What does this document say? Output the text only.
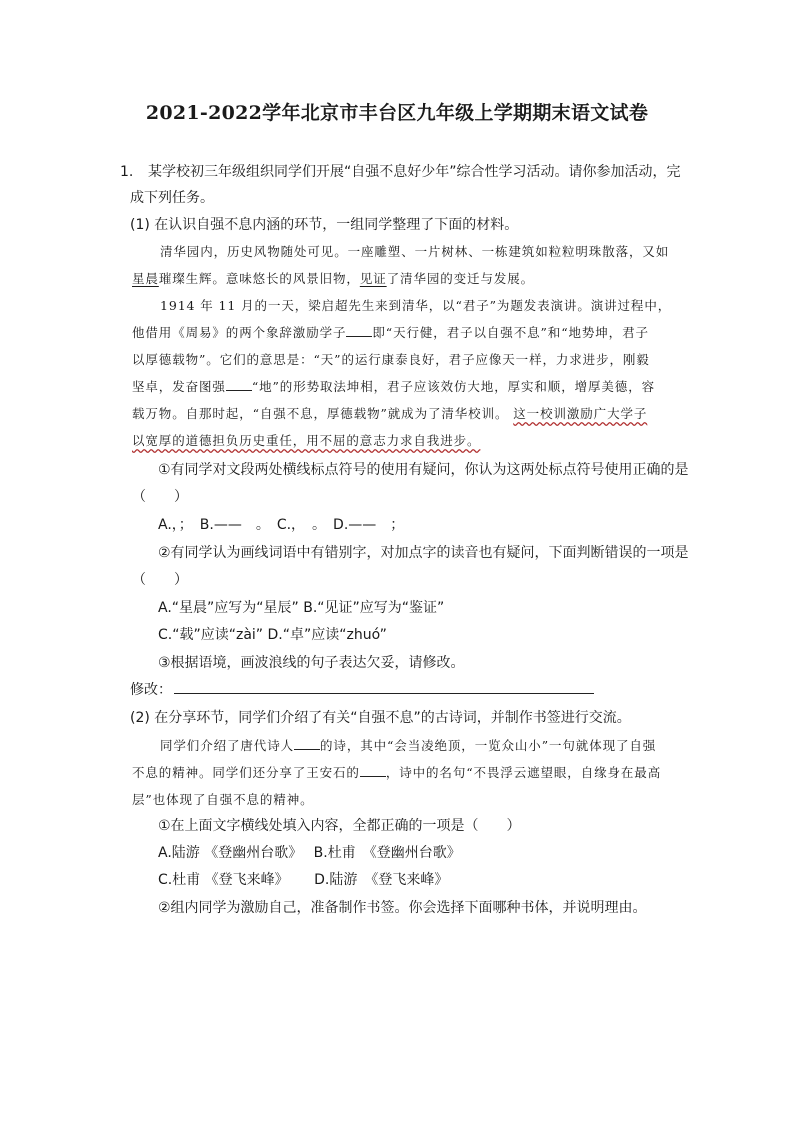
2021-2022学年北京市丰台区九年级上学期期末语文试卷
1. 某学校初三年级组织同学们开展“自强不息好少年”综合性学习活动。请你参加活动，完
成下列任务。
(1) 在认识自强不息内涵的环节，一组同学整理了下面的材料。
清华园内，历史风物随处可见。一座雕塑、一片树林、一栋建筑如粒粒明珠散落，又如
星晨璀璨生辉。意味悠长的风景旧物，见证了清华园的变迁与发展。
1914 年 11 月的一天，梁启超先生来到清华，以“君子”为题发表演讲。演讲过程中，
他借用《周易》的两个象辞激励学子 即“天行健，君子以自强不息”和“地势坤，君子
以厚德载物”。它们的意思是：“天”的运行康泰良好，君子应像天一样，力求进步，刚毅
坚卓，发奋图强 “地”的形势取法坤相，君子应该效仿大地，厚实和顺，增厚美德，容
载万物。自那时起，“自强不息，厚德载物”就成为了清华校训。 这一校训激励广大学子
以宽厚的道德担负历史重任，用不屈的意志力求自我进步。
①有同学对文段两处横线标点符号的使用有疑问，你认为这两处标点符号使用正确的是
（　　）
A.，；　B.——　。　C.，　。　D.——　；
②有同学认为画线词语中有错别字，对加点字的读音也有疑问，下面判断错误的一项是
（　　）
A.“星晨”应写为“星辰” B.“见证”应写为“鉴证”
C.“载”应读“zài” D.“卓”应读“zhuó”
③根据语境，画波浪线的句子表达欠妥，请修改。
修改：
(2) 在分享环节，同学们介绍了有关“自强不息”的古诗词，并制作书签进行交流。
同学们介绍了唐代诗人 的诗，其中“会当凌绝顶，一览众山小”一句就体现了自强
不息的精神。同学们还分享了王安石的 ，诗中的名句“不畏浮云遮望眼，自缘身在最高
层”也体现了自强不息的精神。
①在上面文字横线处填入内容，全都正确的一项是（　　）
A.陆游 《登幽州台歌》　 B.杜甫　《登幽州台歌》
C.杜甫 《登飞来峰》　　 D.陆游　《登飞来峰》
②组内同学为激励自己，准备制作书签。你会选择下面哪种书体，并说明理由。
